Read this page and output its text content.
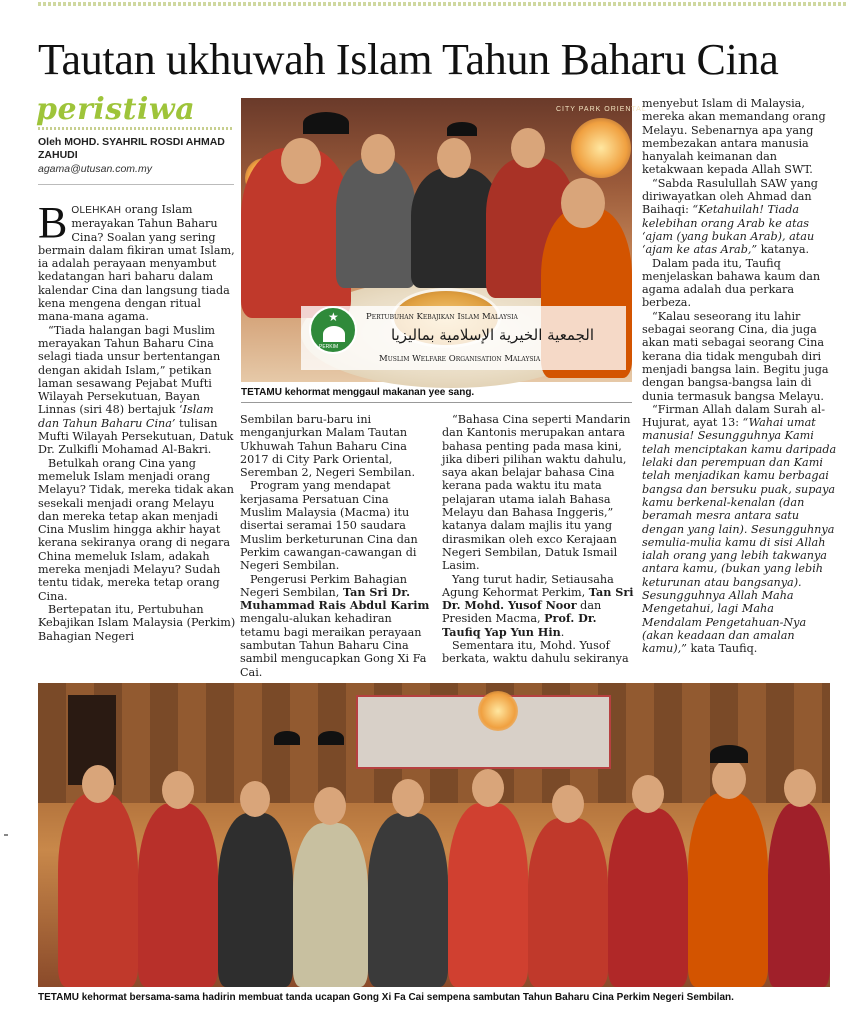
Tautan ukhuwah Islam Tahun Baharu Cina
peristiwa
Oleh MOHD. SYAHRIL ROSDI AHMAD ZAHUDI
agama@utusan.com.my

BOLEHKAH orang Islam merayakan Tahun Baharu Cina? Soalan yang sering bermain dalam fikiran umat Islam, ia adalah perayaan menyambut kedatangan hari baharu dalam kalendar Cina dan langsung tiada kena mengena dengan ritual mana-mana agama.

“Tiada halangan bagi Muslim merayakan Tahun Baharu Cina selagi tiada unsur bertentangan dengan akidah Islam,” petikan laman sesawang Pejabat Mufti Wilayah Persekutuan, Bayan Linnas (siri 48) bertajuk ‘Islam dan Tahun Baharu Cina’ tulisan Mufti Wilayah Persekutuan, Datuk Dr. Zulkifli Mohamad Al-Bakri.

Betulkah orang Cina yang memeluk Islam menjadi orang Melayu? Tidak, mereka tidak akan sesekali menjadi orang Melayu dan mereka tetap akan menjadi Cina Muslim hingga akhir hayat kerana sekiranya orang di negara China memeluk Islam, adakah mereka menjadi Melayu? Sudah tentu tidak, mereka tetap orang Cina.

Bertepatan itu, Pertubuhan Kebajikan Islam Malaysia (Perkim) Bahagian Negeri

CITY PARK ORIENTAL
★
PERKIM
Pertubuhan Kebajikan Islam Malaysia
الجمعية الخيرية الإسلامية بماليزيا
Muslim Welfare Organisation Malaysia
TETAMU kehormat menggaul makanan yee sang.

Sembilan baru-baru ini menganjurkan Malam Tautan Ukhuwah Tahun Baharu Cina 2017 di City Park Oriental, Seremban 2, Negeri Sembilan.

Program yang mendapat kerjasama Persatuan Cina Muslim Malaysia (Macma) itu disertai seramai 150 saudara Muslim berketurunan Cina dan Perkim cawangan-cawangan di Negeri Sembilan.

Pengerusi Perkim Bahagian Negeri Sembilan, Tan Sri Dr. Muhammad Rais Abdul Karim mengalu-alukan kehadiran tetamu bagi meraikan perayaan sambutan Tahun Baharu Cina sambil mengucapkan Gong Xi Fa Cai.

“Bahasa Cina seperti Mandarin dan Kantonis merupakan antara bahasa penting pada masa kini, jika diberi pilihan waktu dahulu, saya akan belajar bahasa Cina kerana pada waktu itu mata pelajaran utama ialah Bahasa Melayu dan Bahasa Inggeris,” katanya dalam majlis itu yang dirasmikan oleh exco Kerajaan Negeri Sembilan, Datuk Ismail Lasim.

Yang turut hadir, Setiausaha Agung Kehormat Perkim, Tan Sri Dr. Mohd. Yusof Noor dan Presiden Macma, Prof. Dr. Taufiq Yap Yun Hin.

Sementara itu, Mohd. Yusof berkata, waktu dahulu sekiranya

menyebut Islam di Malaysia, mereka akan memandang orang Melayu. Sebenarnya apa yang membezakan antara manusia hanyalah keimanan dan ketakwaan kepada Allah SWT.

“Sabda Rasulullah SAW yang diriwayatkan oleh Ahmad dan Baihaqi: “Ketahuilah! Tiada kelebihan orang Arab ke atas ‘ajam (yang bukan Arab), atau ‘ajam ke atas Arab,” katanya.

Dalam pada itu, Taufiq menjelaskan bahawa kaum dan agama adalah dua perkara berbeza.

“Kalau seseorang itu lahir sebagai seorang Cina, dia juga akan mati sebagai seorang Cina kerana dia tidak mengubah diri menjadi bangsa lain. Begitu juga dengan bangsa-bangsa lain di dunia termasuk bangsa Melayu.

“Firman Allah dalam Surah al-Hujurat, ayat 13: “Wahai umat manusia! Sesungguhnya Kami telah menciptakan kamu daripada lelaki dan perempuan dan Kami telah menjadikan kamu berbagai bangsa dan bersuku puak, supaya kamu berkenal-kenalan (dan beramah mesra antara satu dengan yang lain). Sesungguhnya semulia-mulia kamu di sisi Allah ialah orang yang lebih takwanya antara kamu, (bukan yang lebih keturunan atau bangsanya). Sesungguhnya Allah Maha Mengetahui, lagi Maha Mendalam Pengetahuan-Nya (akan keadaan dan amalan kamu),” kata Taufiq.

TETAMU kehormat bersama-sama hadirin membuat tanda ucapan Gong Xi Fa Cai sempena sambutan Tahun Baharu Cina Perkim Negeri Sembilan.
